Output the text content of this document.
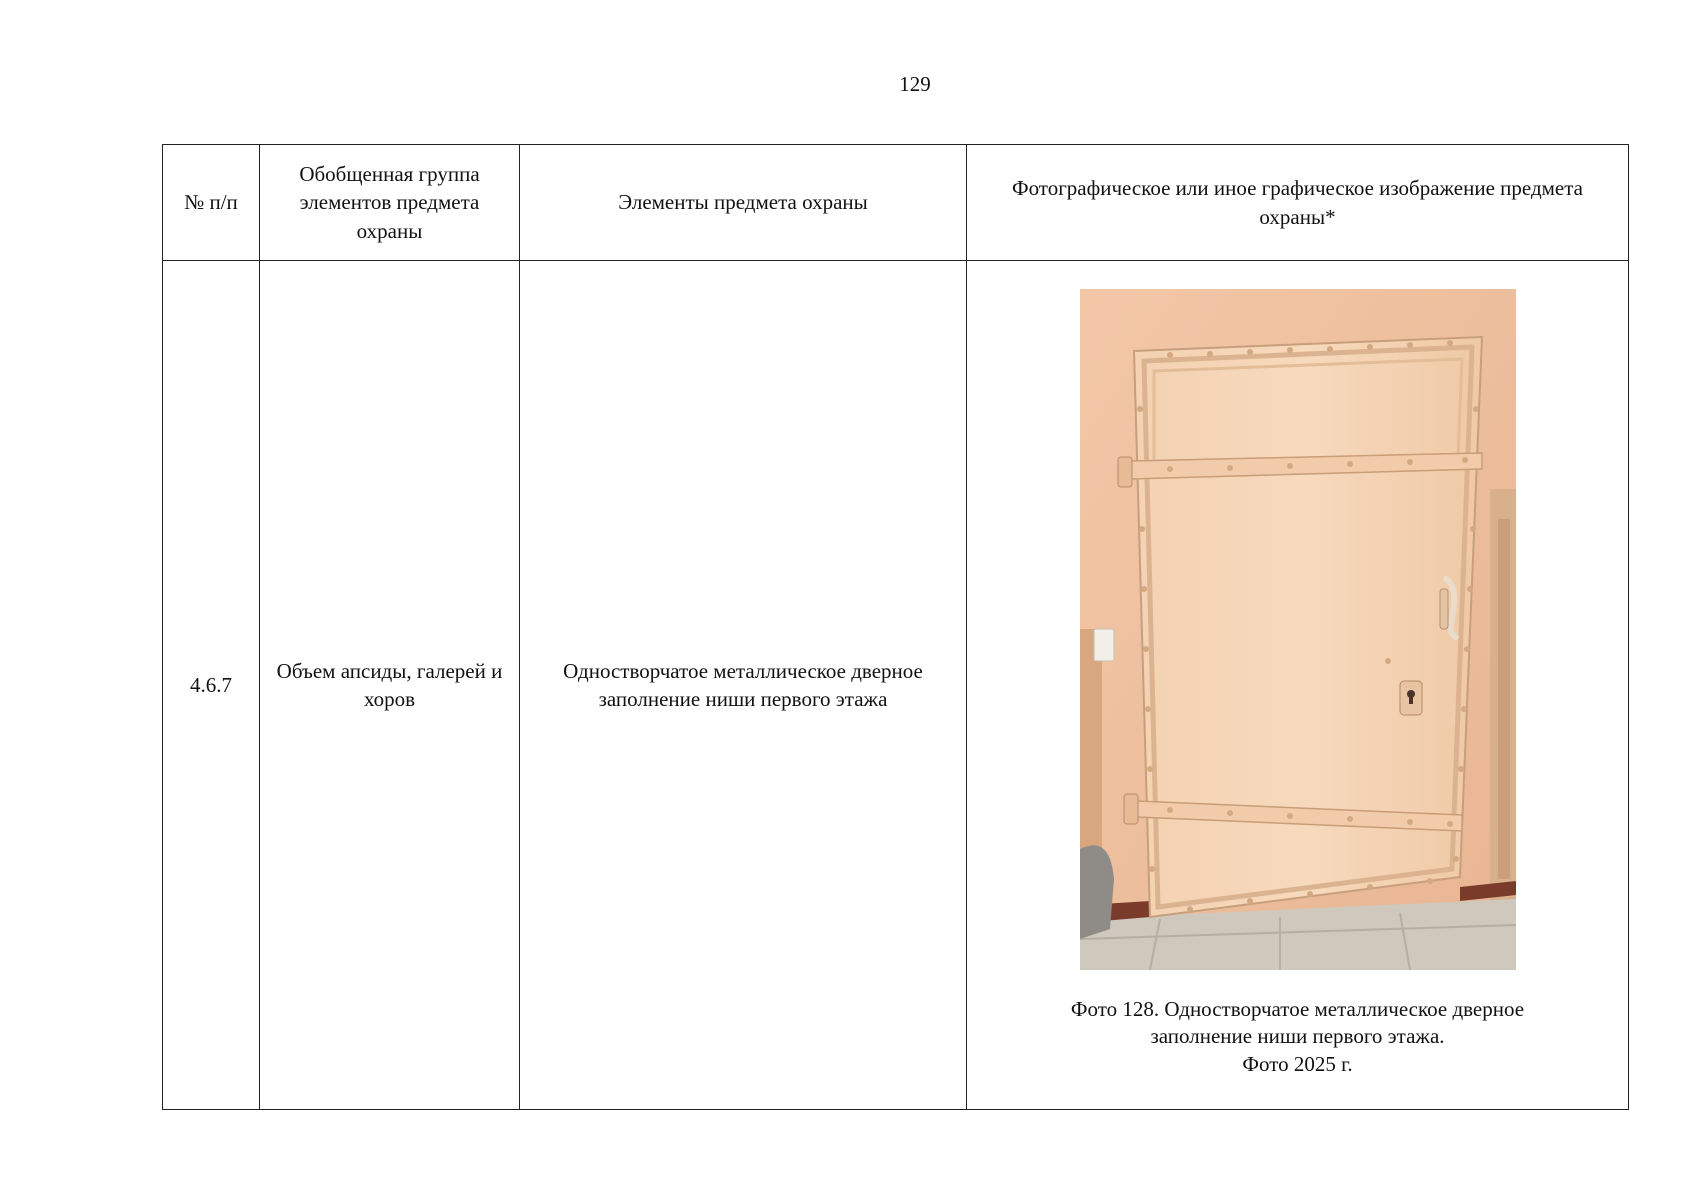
129
№ п/п	Обобщенная группа элементов предмета охраны	Элементы предмета охраны	Фотографическое или иное графическое изображение предмета охраны*
4.6.7	Объем апсиды, галерей и хоров	Одностворчатое металлическое дверное заполнение ниши первого этажа	Фото 128. Одностворчатое металлическое дверное
заполнение ниши первого этажа.
Фото 2025 г.
